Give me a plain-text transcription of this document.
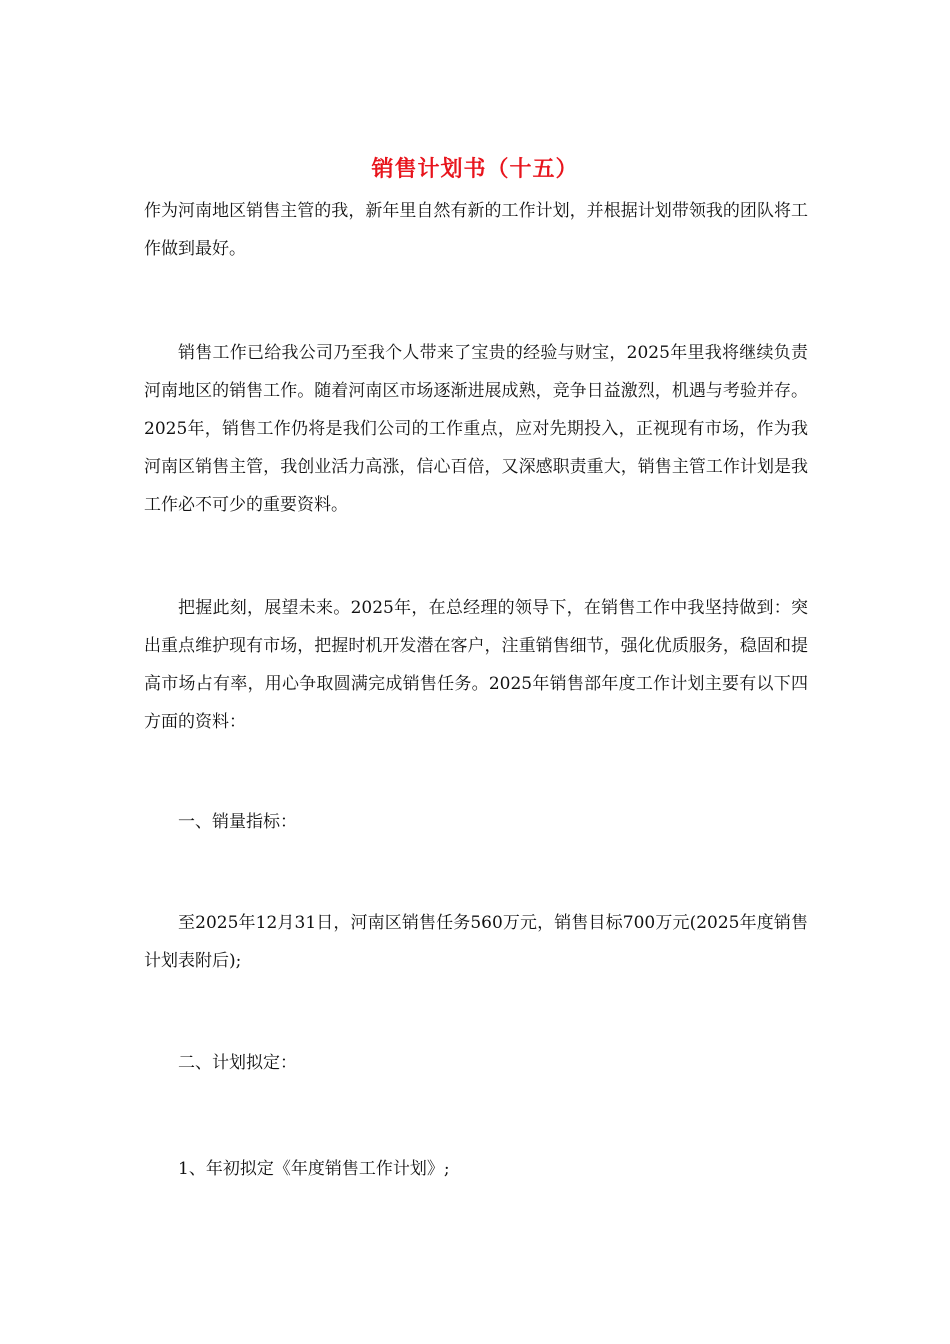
销售计划书（十五）

作为河南地区销售主管的我，新年里自然有新的工作计划，并根据计划带领我的团队将工作做到最好。

销售工作已给我公司乃至我个人带来了宝贵的经验与财宝，2025年里我将继续负责河南地区的销售工作。随着河南区市场逐渐进展成熟，竞争日益激烈，机遇与考验并存。2025年，销售工作仍将是我们公司的工作重点，应对先期投入，正视现有市场，作为我河南区销售主管，我创业活力高涨，信心百倍，又深感职责重大，销售主管工作计划是我工作必不可少的重要资料。

把握此刻，展望未来。2025年，在总经理的领导下，在销售工作中我坚持做到：突出重点维护现有市场，把握时机开发潜在客户，注重销售细节，强化优质服务，稳固和提高市场占有率，用心争取圆满完成销售任务。2025年销售部年度工作计划主要有以下四方面的资料：

一、销量指标：

至2025年12月31日，河南区销售任务560万元，销售目标700万元(2025年度销售计划表附后);

二、计划拟定：

1、年初拟定《年度销售工作计划》;
